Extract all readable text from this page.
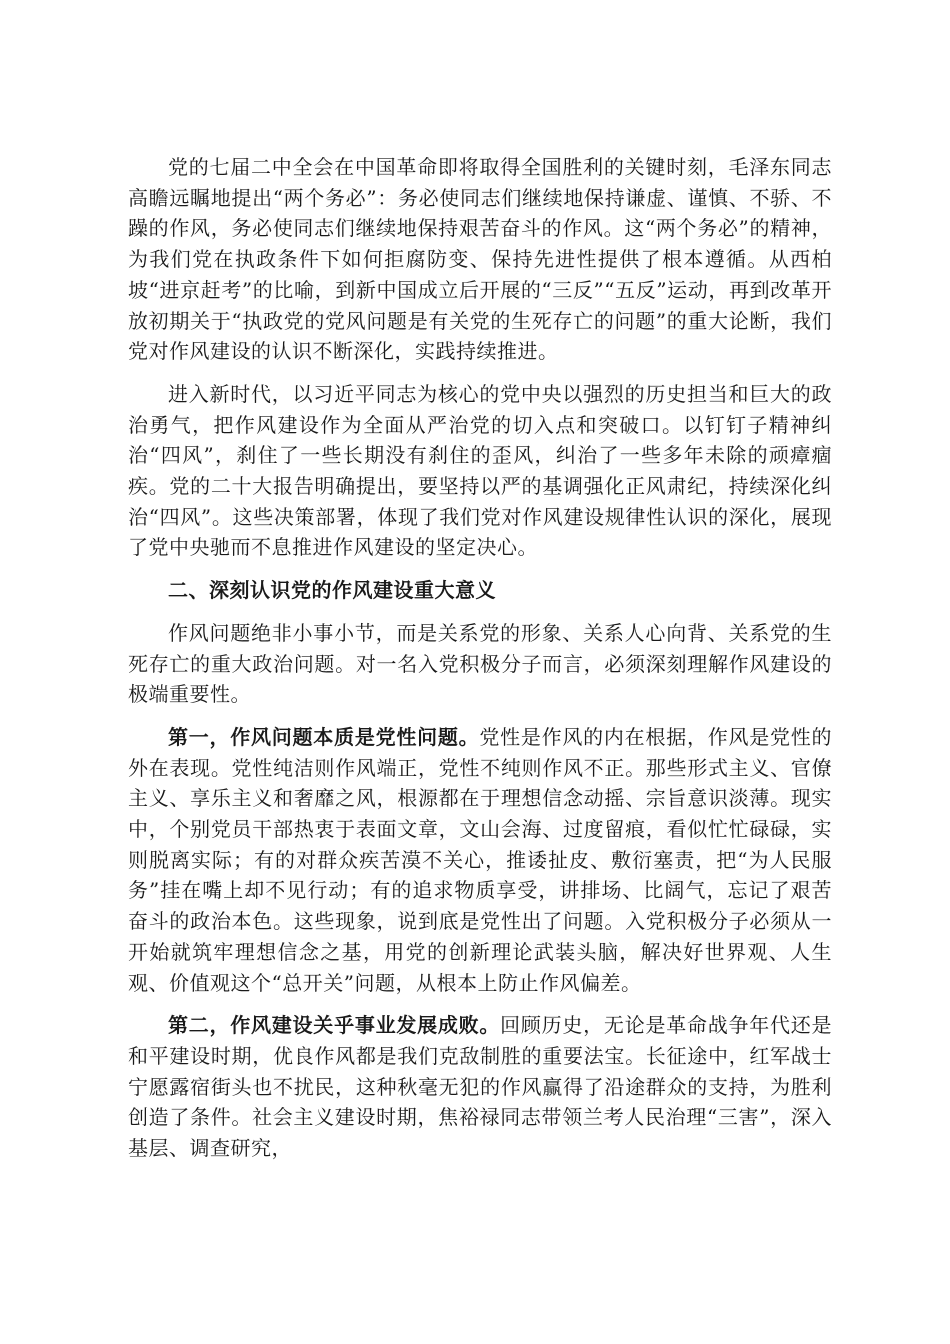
党的七届二中全会在中国革命即将取得全国胜利的关键时刻，毛泽东同志高瞻远瞩地提出“两个务必”：务必使同志们继续地保持谦虚、谨慎、不骄、不躁的作风，务必使同志们继续地保持艰苦奋斗的作风。这“两个务必”的精神，为我们党在执政条件下如何拒腐防变、保持先进性提供了根本遵循。从西柏坡“进京赶考”的比喻，到新中国成立后开展的“三反”“五反”运动，再到改革开放初期关于“执政党的党风问题是有关党的生死存亡的问题”的重大论断，我们党对作风建设的认识不断深化，实践持续推进。

进入新时代，以习近平同志为核心的党中央以强烈的历史担当和巨大的政治勇气，把作风建设作为全面从严治党的切入点和突破口。以钉钉子精神纠治“四风”，刹住了一些长期没有刹住的歪风，纠治了一些多年未除的顽瘴痼疾。党的二十大报告明确提出，要坚持以严的基调强化正风肃纪，持续深化纠治“四风”。这些决策部署，体现了我们党对作风建设规律性认识的深化，展现了党中央驰而不息推进作风建设的坚定决心。

二、深刻认识党的作风建设重大意义

作风问题绝非小事小节，而是关系党的形象、关系人心向背、关系党的生死存亡的重大政治问题。对一名入党积极分子而言，必须深刻理解作风建设的极端重要性。

第一，作风问题本质是党性问题。党性是作风的内在根据，作风是党性的外在表现。党性纯洁则作风端正，党性不纯则作风不正。那些形式主义、官僚主义、享乐主义和奢靡之风，根源都在于理想信念动摇、宗旨意识淡薄。现实中，个别党员干部热衷于表面文章，文山会海、过度留痕，看似忙忙碌碌，实则脱离实际；有的对群众疾苦漠不关心，推诿扯皮、敷衍塞责，把“为人民服务”挂在嘴上却不见行动；有的追求物质享受，讲排场、比阔气，忘记了艰苦奋斗的政治本色。这些现象，说到底是党性出了问题。入党积极分子必须从一开始就筑牢理想信念之基，用党的创新理论武装头脑，解决好世界观、人生观、价值观这个“总开关”问题，从根本上防止作风偏差。

第二，作风建设关乎事业发展成败。回顾历史，无论是革命战争年代还是和平建设时期，优良作风都是我们克敌制胜的重要法宝。长征途中，红军战士宁愿露宿街头也不扰民，这种秋毫无犯的作风赢得了沿途群众的支持，为胜利创造了条件。社会主义建设时期，焦裕禄同志带领兰考人民治理“三害”，深入基层、调查研究，
